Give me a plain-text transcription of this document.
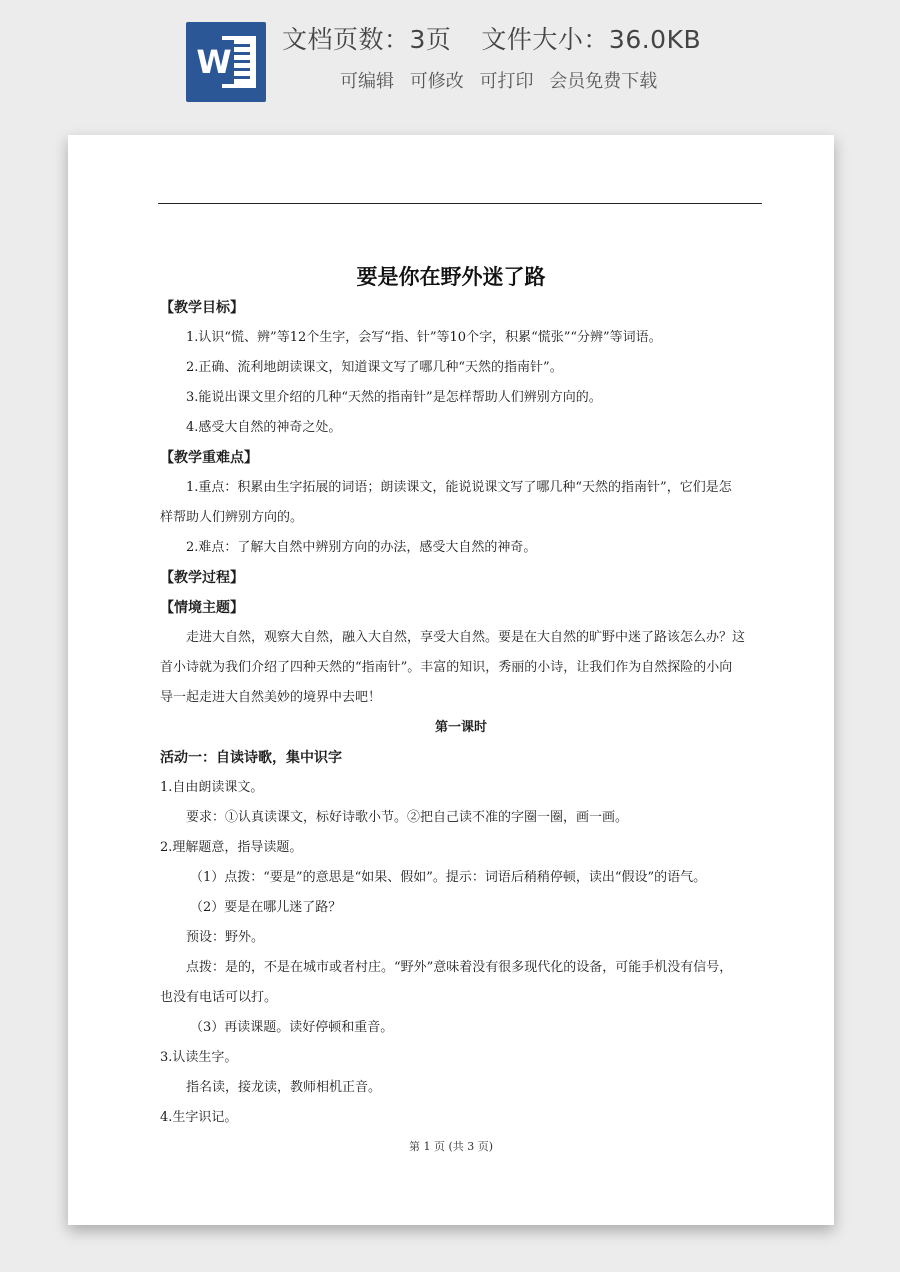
W
文档页数：3页 文件大小：36.0KB
可编辑 可修改 可打印 会员免费下载
要是你在野外迷了路
【教学目标】
1.认识“慌、辨”等12个生字，会写“指、针”等10个字，积累“慌张”“分辨”等词语。
2.正确、流利地朗读课文，知道课文写了哪几种“天然的指南针”。
3.能说出课文里介绍的几种“天然的指南针”是怎样帮助人们辨别方向的。
4.感受大自然的神奇之处。
【教学重难点】
1.重点：积累由生字拓展的词语；朗读课文，能说说课文写了哪几种“天然的指南针”，它们是怎
样帮助人们辨别方向的。
2.难点：了解大自然中辨别方向的办法，感受大自然的神奇。
【教学过程】
【情境主题】
走进大自然，观察大自然，融入大自然，享受大自然。要是在大自然的旷野中迷了路该怎么办？这
首小诗就为我们介绍了四种天然的“指南针”。丰富的知识，秀丽的小诗，让我们作为自然探险的小向
导一起走进大自然美妙的境界中去吧！
第一课时
活动一：自读诗歌，集中识字
1.自由朗读课文。
要求：①认真读课文，标好诗歌小节。②把自己读不准的字圈一圈，画一画。
2.理解题意，指导读题。
（1）点拨：“要是”的意思是“如果、假如”。提示：词语后稍稍停顿，读出“假设”的语气。
（2）要是在哪儿迷了路？
预设：野外。
点拨：是的，不是在城市或者村庄。“野外”意味着没有很多现代化的设备，可能手机没有信号，
也没有电话可以打。
（3）再读课题。读好停顿和重音。
3.认读生字。
指名读，接龙读，教师相机正音。
4.生字识记。
第 1 页 (共 3 页)
